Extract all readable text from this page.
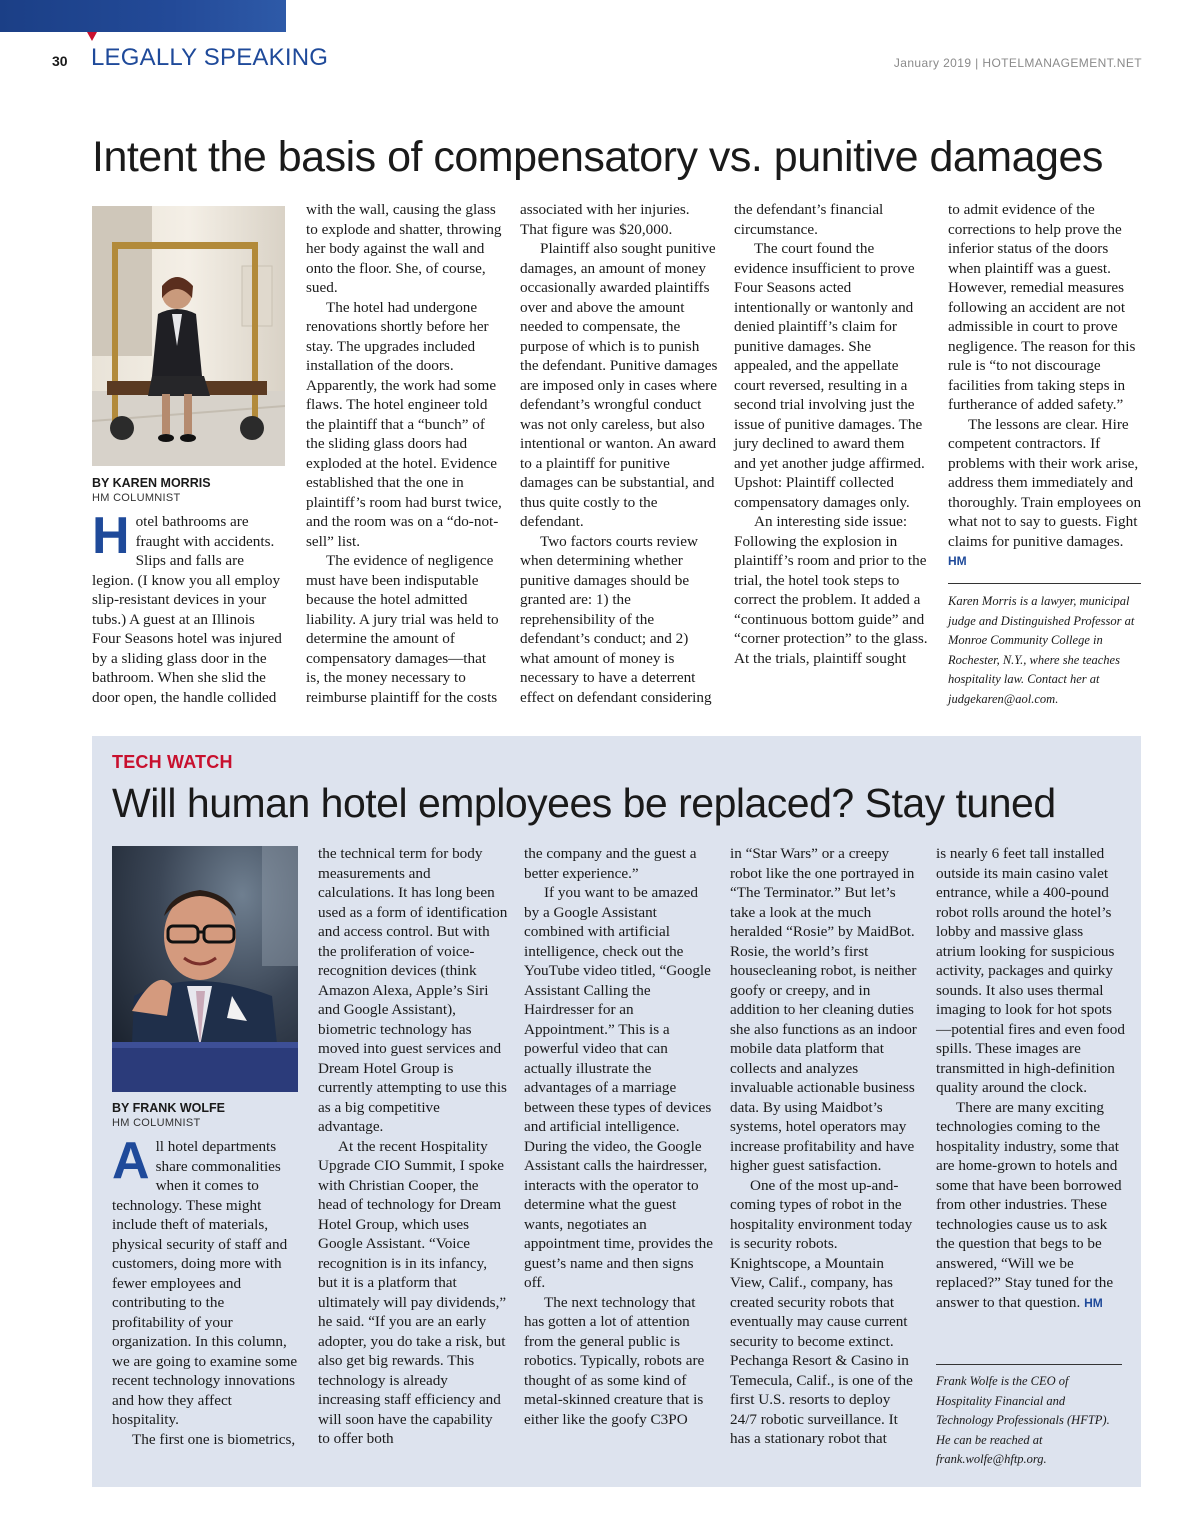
30 LEGALLY SPEAKING	January 2019 | HOTELMANAGEMENT.NET
Intent the basis of compensatory vs. punitive damages
BY KAREN MORRIS
HM COLUMNIST
H otel bathrooms are fraught with accidents. Slips and falls are legion. (I know you all employ slip-resistant devices in your tubs.) A guest at an Illinois Four Seasons hotel was injured by a sliding glass door in the bathroom. When she slid the door open, the handle collided

with the wall, causing the glass to explode and shatter, throwing her body against the wall and onto the floor. She, of course, sued.

The hotel had undergone renovations shortly before her stay. The upgrades included installation of the doors. Apparently, the work had some flaws. The hotel engineer told the plaintiff that a “bunch” of the sliding glass doors had exploded at the hotel. Evidence established that the one in plaintiff’s room had burst twice, and the room was on a “do-not-sell” list.

The evidence of negligence must have been indisputable because the hotel admitted liability. A jury trial was held to determine the amount of compensatory damages—that is, the money necessary to reimburse plaintiff for the costs

associated with her injuries. That figure was $20,000.

Plaintiff also sought punitive damages, an amount of money occasionally awarded plaintiffs over and above the amount needed to compensate, the purpose of which is to punish the defendant. Punitive damages are imposed only in cases where defendant’s wrongful conduct was not only careless, but also intentional or wanton. An award to a plaintiff for punitive damages can be substantial, and thus quite costly to the defendant.

Two factors courts review when determining whether punitive damages should be granted are: 1) the reprehensibility of the defendant’s conduct; and 2) what amount of money is necessary to have a deterrent effect on defendant considering

the defendant’s financial circumstance.

The court found the evidence insufficient to prove Four Seasons acted intentionally or wantonly and denied plaintiff’s claim for punitive damages. She appealed, and the appellate court reversed, resulting in a second trial involving just the issue of punitive damages. The jury declined to award them and yet another judge affirmed. Upshot: Plaintiff collected compensatory damages only.

An interesting side issue: Following the explosion in plaintiff’s room and prior to the trial, the hotel took steps to correct the problem. It added a “continuous bottom guide” and “corner protection” to the glass. At the trials, plaintiff sought

to admit evidence of the corrections to help prove the inferior status of the doors when plaintiff was a guest. However, remedial measures following an accident are not admissible in court to prove negligence. The reason for this rule is “to not discourage facilities from taking steps in furtherance of added safety.”

The lessons are clear. Hire competent contractors. If problems with their work arise, address them immediately and thoroughly. Train employees on what not to say to guests. Fight claims for punitive damages. HM

Karen Morris is a lawyer, municipal judge and Distinguished Professor at Monroe Community College in Rochester, N.Y., where she teaches hospitality law. Contact her at judgekaren@aol.com.
TECH WATCH
Will human hotel employees be replaced? Stay tuned
BY FRANK WOLFE
HM COLUMNIST
A ll hotel departments share commonalities when it comes to technology. These might include theft of materials, physical security of staff and customers, doing more with fewer employees and contributing to the profitability of your organization. In this column, we are going to examine some recent technology innovations and how they affect hospitality.

The first one is biometrics,

the technical term for body measurements and calculations. It has long been used as a form of identification and access control. But with the proliferation of voice-recognition devices (think Amazon Alexa, Apple’s Siri and Google Assistant), biometric technology has moved into guest services and Dream Hotel Group is currently attempting to use this as a big competitive advantage.

At the recent Hospitality Upgrade CIO Summit, I spoke with Christian Cooper, the head of technology for Dream Hotel Group, which uses Google Assistant. “Voice recognition is in its infancy, but it is a platform that ultimately will pay dividends,” he said. “If you are an early adopter, you do take a risk, but also get big rewards. This technology is already increasing staff efficiency and will soon have the capability to offer both

the company and the guest a better experience.”

If you want to be amazed by a Google Assistant combined with artificial intelligence, check out the YouTube video titled, “Google Assistant Calling the Hairdresser for an Appointment.” This is a powerful video that can actually illustrate the advantages of a marriage between these types of devices and artificial intelligence. During the video, the Google Assistant calls the hairdresser, interacts with the operator to determine what the guest wants, negotiates an appointment time, provides the guest’s name and then signs off.

The next technology that has gotten a lot of attention from the general public is robotics. Typically, robots are thought of as some kind of metal-skinned creature that is either like the goofy C3PO

in “Star Wars” or a creepy robot like the one portrayed in “The Terminator.” But let’s take a look at the much heralded “Rosie” by MaidBot. Rosie, the world’s first housecleaning robot, is neither goofy or creepy, and in addition to her cleaning duties she also functions as an indoor mobile data platform that collects and analyzes invaluable actionable business data. By using Maidbot’s systems, hotel operators may increase profitability and have higher guest satisfaction.

One of the most up-and-coming types of robot in the hospitality environment today is security robots. Knightscope, a Mountain View, Calif., company, has created security robots that eventually may cause current security to become extinct. Pechanga Resort & Casino in Temecula, Calif., is one of the first U.S. resorts to deploy 24/7 robotic surveillance. It has a stationary robot that

is nearly 6 feet tall installed outside its main casino valet entrance, while a 400-pound robot rolls around the hotel’s lobby and massive glass atrium looking for suspicious activity, packages and quirky sounds. It also uses thermal imaging to look for hot spots—potential fires and even food spills. These images are transmitted in high-definition quality around the clock.

There are many exciting technologies coming to the hospitality industry, some that are home-grown to hotels and some that have been borrowed from other industries. These technologies cause us to ask the question that begs to be answered, “Will we be replaced?” Stay tuned for the answer to that question. HM

Frank Wolfe is the CEO of Hospitality Financial and Technology Professionals (HFTP). He can be reached at frank.wolfe@hftp.org.
